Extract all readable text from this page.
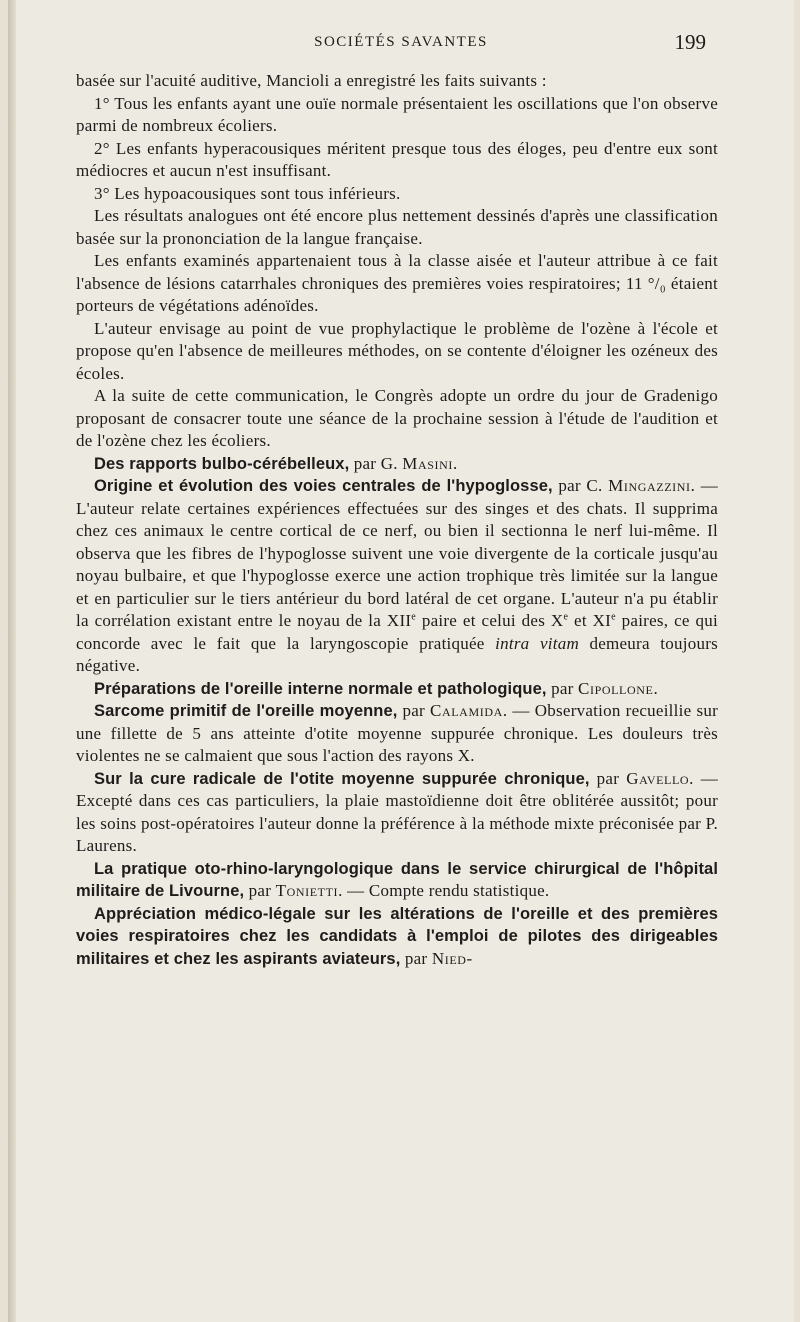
SOCIÉTÉS SAVANTES	199

basée sur l'acuité auditive, Mancioli a enregistré les faits suivants :

1° Tous les enfants ayant une ouïe normale présentaient les oscillations que l'on observe parmi de nombreux écoliers.

2° Les enfants hyperacousiques méritent presque tous des éloges, peu d'entre eux sont médiocres et aucun n'est insuffisant.

3° Les hypoacousiques sont tous inférieurs.

Les résultats analogues ont été encore plus nettement dessinés d'après une classification basée sur la prononciation de la langue française.

Les enfants examinés appartenaient tous à la classe aisée et l'auteur attribue à ce fait l'absence de lésions catarrhales chroniques des premières voies respiratoires; 11 °/₀ étaient porteurs de végétations adénoïdes.

L'auteur envisage au point de vue prophylactique le problème de l'ozène à l'école et propose qu'en l'absence de meilleures méthodes, on se contente d'éloigner les ozéneux des écoles.

A la suite de cette communication, le Congrès adopte un ordre du jour de Gradenigo proposant de consacrer toute une séance de la prochaine session à l'étude de l'audition et de l'ozène chez les écoliers.

Des rapports bulbo-cérébelleux, par G. Masini.

Origine et évolution des voies centrales de l'hypoglosse, par C. Mingazzini. — L'auteur relate certaines expériences effectuées sur des singes et des chats. Il supprima chez ces animaux le centre cortical de ce nerf, ou bien il sectionna le nerf lui-même. Il observa que les fibres de l'hypoglosse suivent une voie divergente de la corticale jusqu'au noyau bulbaire, et que l'hypoglosse exerce une action trophique très limitée sur la langue et en particulier sur le tiers antérieur du bord latéral de cet organe. L'auteur n'a pu établir la corrélation existant entre le noyau de la XIIe paire et celui des Xe et XIe paires, ce qui concorde avec le fait que la laryngoscopie pratiquée intra vitam demeura toujours négative.

Préparations de l'oreille interne normale et pathologique, par Cipollone.

Sarcome primitif de l'oreille moyenne, par Calamida. — Observation recueillie sur une fillette de 5 ans atteinte d'otite moyenne suppurée chronique. Les douleurs très violentes ne se calmaient que sous l'action des rayons X.

Sur la cure radicale de l'otite moyenne suppurée chronique, par Gavello. — Excepté dans ces cas particuliers, la plaie mastoïdienne doit être oblitérée aussitôt; pour les soins post-opératoires l'auteur donne la préférence à la méthode mixte préconisée par P. Laurens.

La pratique oto-rhino-laryngologique dans le service chirurgical de l'hôpital militaire de Livourne, par Tonietti. — Compte rendu statistique.

Appréciation médico-légale sur les altérations de l'oreille et des premières voies respiratoires chez les candidats à l'emploi de pilotes des dirigeables militaires et chez les aspirants aviateurs, par Nied-
